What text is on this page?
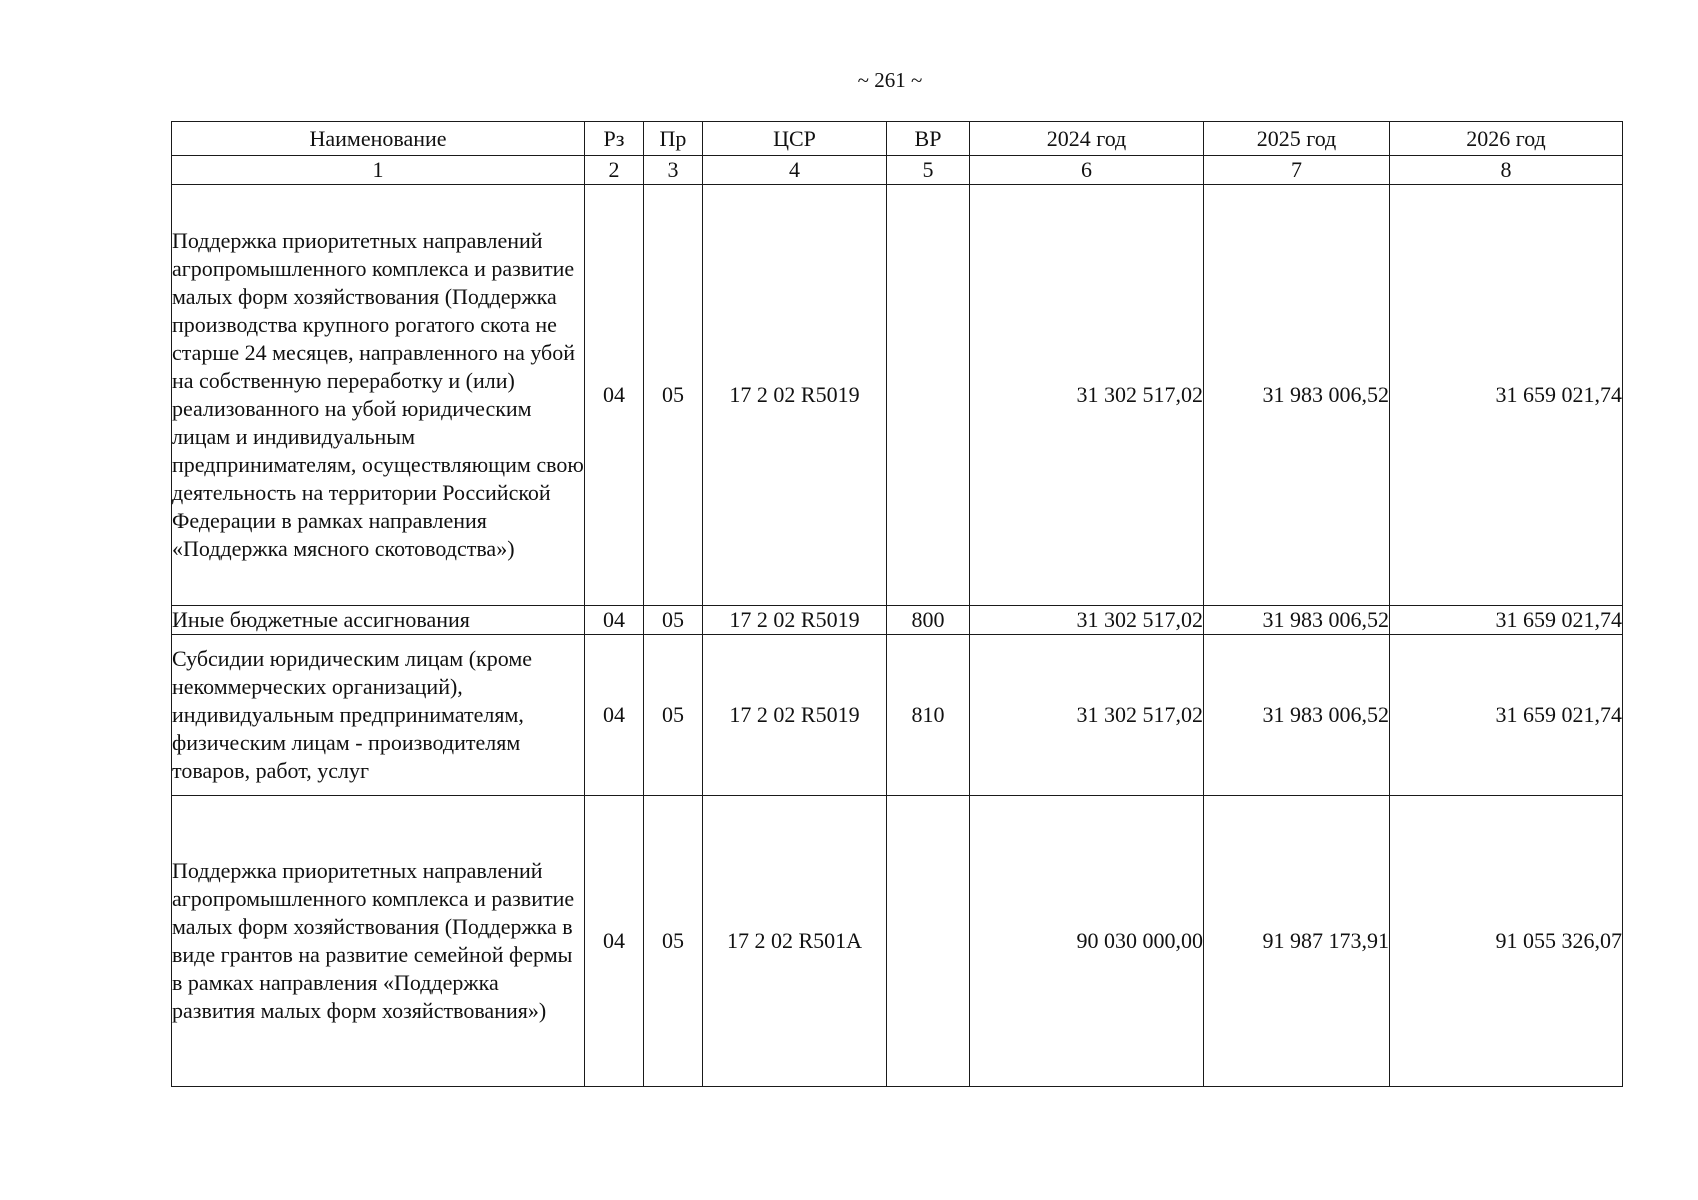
~ 261 ~
Наименование	Рз	Пр	ЦСР	ВР	2024 год	2025 год	2026 год
1	2	3	4	5	6	7	8
Поддержка приоритетных направлений агропромышленного комплекса и развитие малых форм хозяйствования (Поддержка производства крупного рогатого скота не старше 24 месяцев, направленного на убой на собственную переработку и (или) реализованного на убой юридическим лицам и индивидуальным предпринимателям, осуществляющим свою деятельность на территории Российской Федерации в рамках направления «Поддержка мясного скотоводства»)	04	05	17 2 02 R5019		31 302 517,02	31 983 006,52	31 659 021,74
Иные бюджетные ассигнования	04	05	17 2 02 R5019	800	31 302 517,02	31 983 006,52	31 659 021,74
Субсидии юридическим лицам (кроме некоммерческих организаций), индивидуальным предпринимателям, физическим лицам - производителям товаров, работ, услуг	04	05	17 2 02 R5019	810	31 302 517,02	31 983 006,52	31 659 021,74
Поддержка приоритетных направлений агропромышленного комплекса и развитие малых форм хозяйствования (Поддержка в виде грантов на развитие семейной фермы в рамках направления «Поддержка развития малых форм хозяйствования»)	04	05	17 2 02 R501A		90 030 000,00	91 987 173,91	91 055 326,07
